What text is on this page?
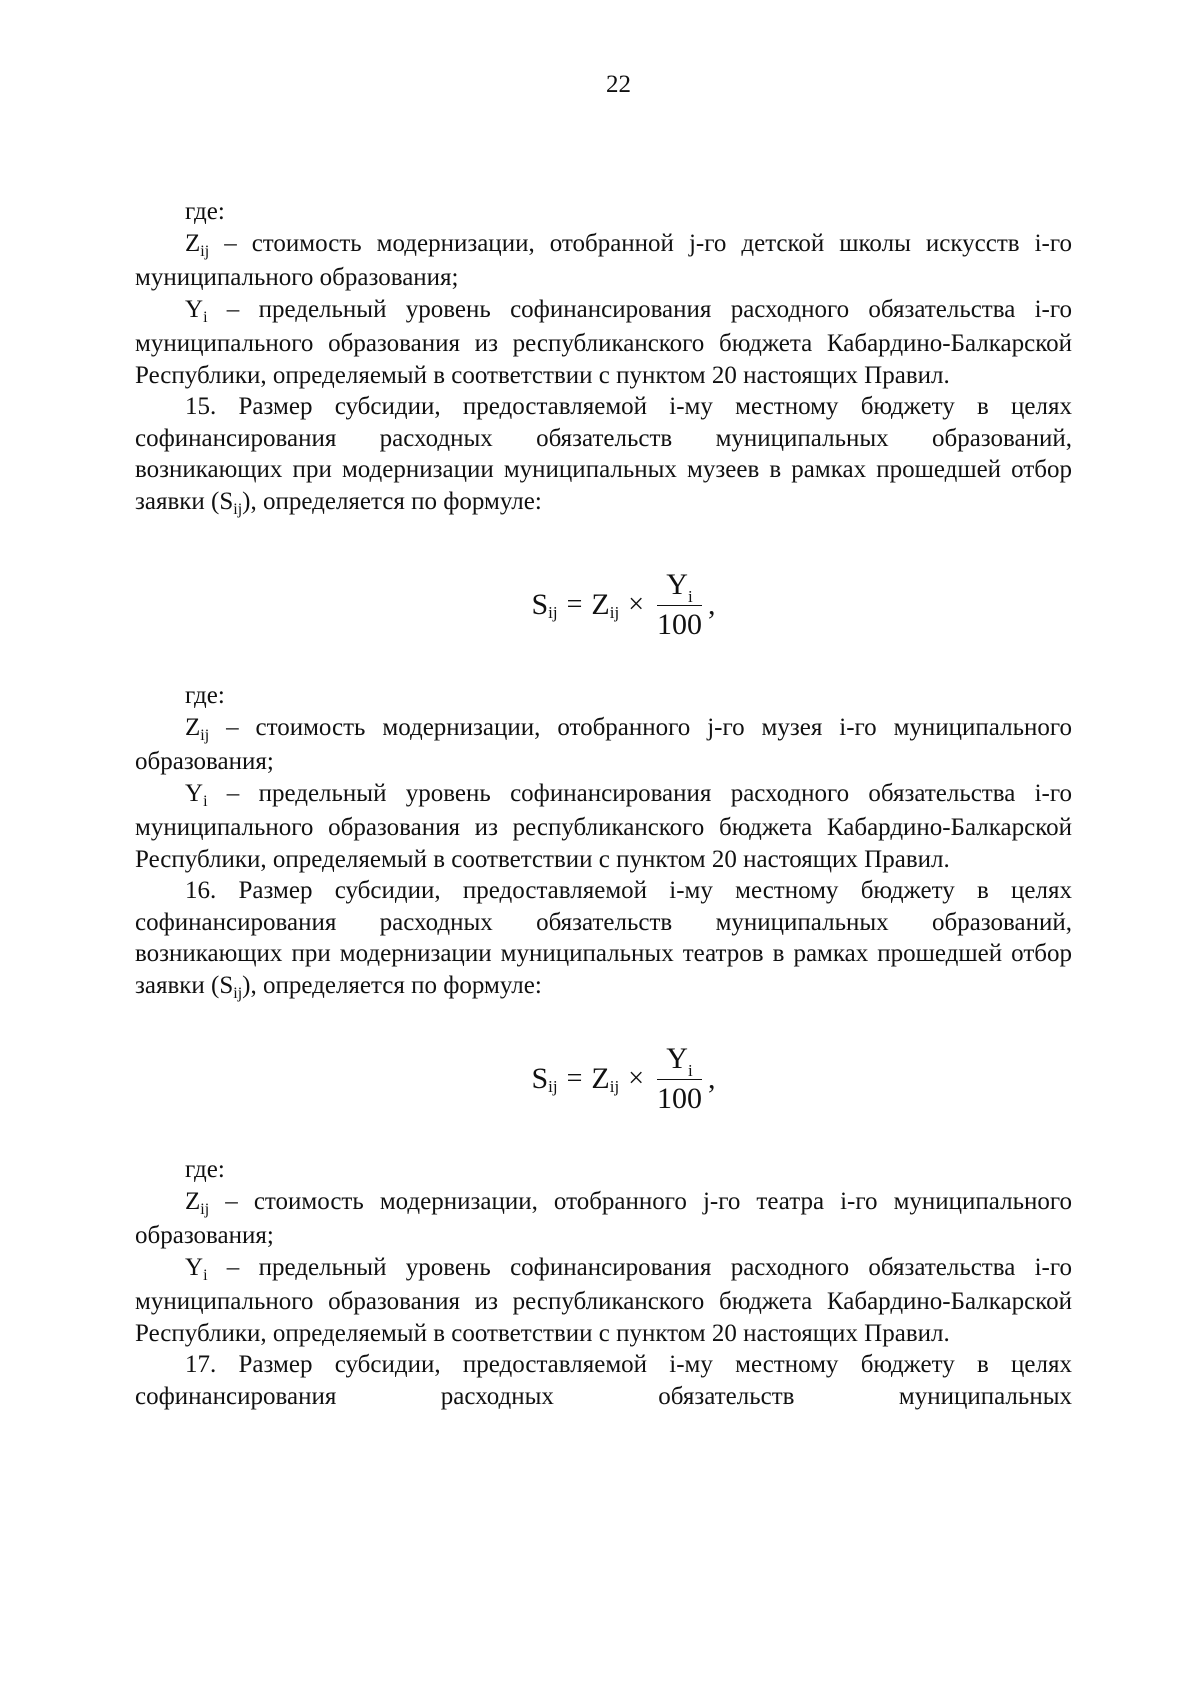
22

где:

$Z_{ij}$ – стоимость модернизации, отобранной j-го детской школы искусств i-го муниципального образования;

$Y_i$ – предельный уровень софинансирования расходного обязательства i-го муниципального образования из республиканского бюджета Кабардино-Балкарской Республики, определяемый в соответствии с пунктом 20 настоящих Правил.

15. Размер субсидии, предоставляемой i-му местному бюджету в целях софинансирования расходных обязательств муниципальных образований, возникающих при модернизации муниципальных музеев в рамках прошедшей отбор заявки $(S_{ij})$, определяется по формуле:

S ij = Z ij × $\frac{Y_i}{100}$ ,

где:

$Z_{ij}$ – стоимость модернизации, отобранного j-го музея i-го муниципального образования;

$Y_i$ – предельный уровень софинансирования расходного обязательства i-го муниципального образования из республиканского бюджета Кабардино-Балкарской Республики, определяемый в соответствии с пунктом 20 настоящих Правил.

16. Размер субсидии, предоставляемой i-му местному бюджету в целях софинансирования расходных обязательств муниципальных образований, возникающих при модернизации муниципальных театров в рамках прошедшей отбор заявки $(S_{ij})$, определяется по формуле:

S ij = Z ij × $\frac{Y_i}{100}$ ,

где:

$Z_{ij}$ – стоимость модернизации, отобранного j-го театра i-го муниципального образования;

$Y_i$ – предельный уровень софинансирования расходного обязательства i-го муниципального образования из республиканского бюджета Кабардино-Балкарской Республики, определяемый в соответствии с пунктом 20 настоящих Правил.

17. Размер субсидии, предоставляемой i-му местному бюджету в целях софинансирования расходных обязательств муниципальных
